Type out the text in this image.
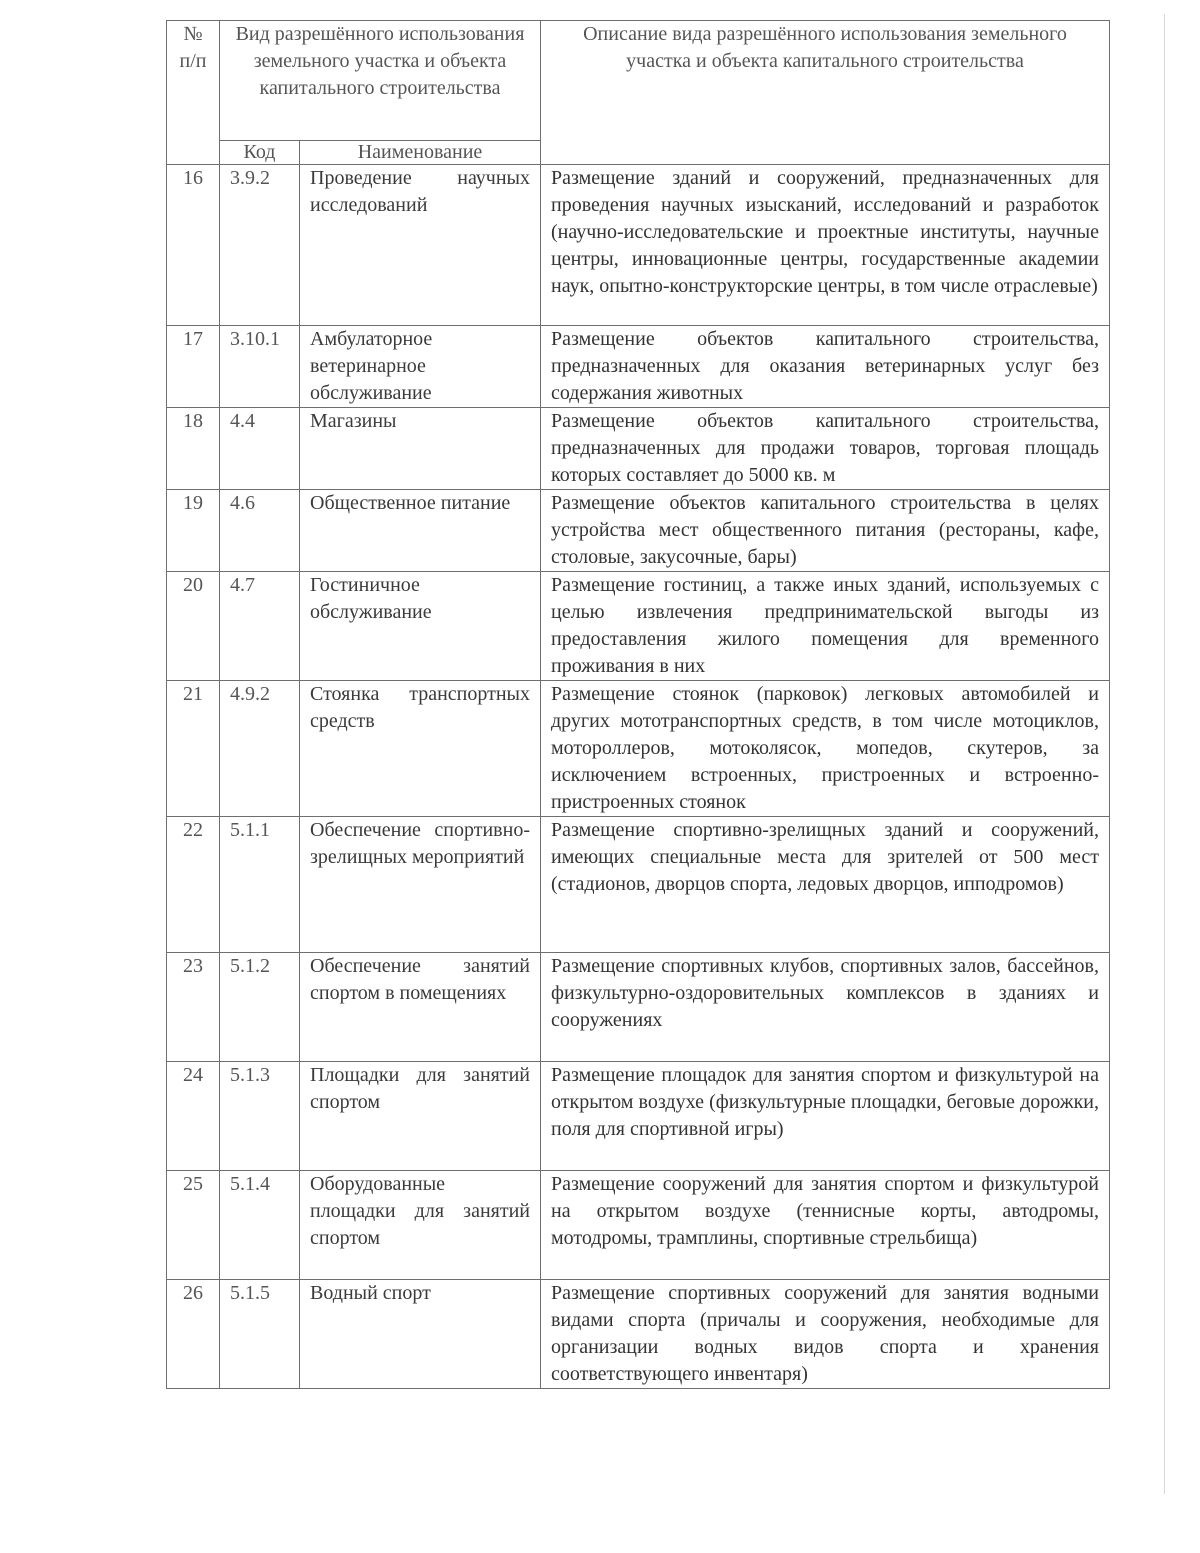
№ п/п	Вид разрешённого использования земельного участка и объекта капитального строительства		Описание вида разрешённого использования земельного участка и объекта капитального строительства
	Код	Наименование	
16	3.9.2	Проведение научных исследований	Размещение зданий и сооружений, предназначенных для проведения научных изысканий, исследований и разработок (научно-исследовательские и проектные институты, научные центры, инновационные центры, государственные академии наук, опытно-конструкторские центры, в том числе отраслевые)
17	3.10.1	Амбулаторное ветеринарное обслуживание	Размещение объектов капитального строительства, предназначенных для оказания ветеринарных услуг без содержания животных
18	4.4	Магазины	Размещение объектов капитального строительства, предназначенных для продажи товаров, торговая площадь которых составляет до 5000 кв. м
19	4.6	Общественное питание	Размещение объектов капитального строительства в целях устройства мест общественного питания (рестораны, кафе, столовые, закусочные, бары)
20	4.7	Гостиничное обслуживание	Размещение гостиниц, а также иных зданий, используемых с целью извлечения предпринимательской выгоды из предоставления жилого помещения для временного проживания в них
21	4.9.2	Стоянка транспортных средств	Размещение стоянок (парковок) легковых автомобилей и других мототранспортных средств, в том числе мотоциклов, мотороллеров, мотоколясок, мопедов, скутеров, за исключением встроенных, пристроенных и встроенно-пристроенных стоянок
22	5.1.1	Обеспечение спортивно-зрелищных мероприятий	Размещение спортивно-зрелищных зданий и сооружений, имеющих специальные места для зрителей от 500 мест (стадионов, дворцов спорта, ледовых дворцов, ипподромов)
23	5.1.2	Обеспечение занятий спортом в помещениях	Размещение спортивных клубов, спортивных залов, бассейнов, физкультурно-оздоровительных комплексов в зданиях и сооружениях
24	5.1.3	Площадки для занятий спортом	Размещение площадок для занятия спортом и физкультурой на открытом воздухе (физкультурные площадки, беговые дорожки, поля для спортивной игры)
25	5.1.4	Оборудованные площадки для занятий спортом	Размещение сооружений для занятия спортом и физкультурой на открытом воздухе (теннисные корты, автодромы, мотодромы, трамплины, спортивные стрельбища)
26	5.1.5	Водный спорт	Размещение спортивных сооружений для занятия водными видами спорта (причалы и сооружения, необходимые для организации водных видов спорта и хранения соответствующего инвентаря)
